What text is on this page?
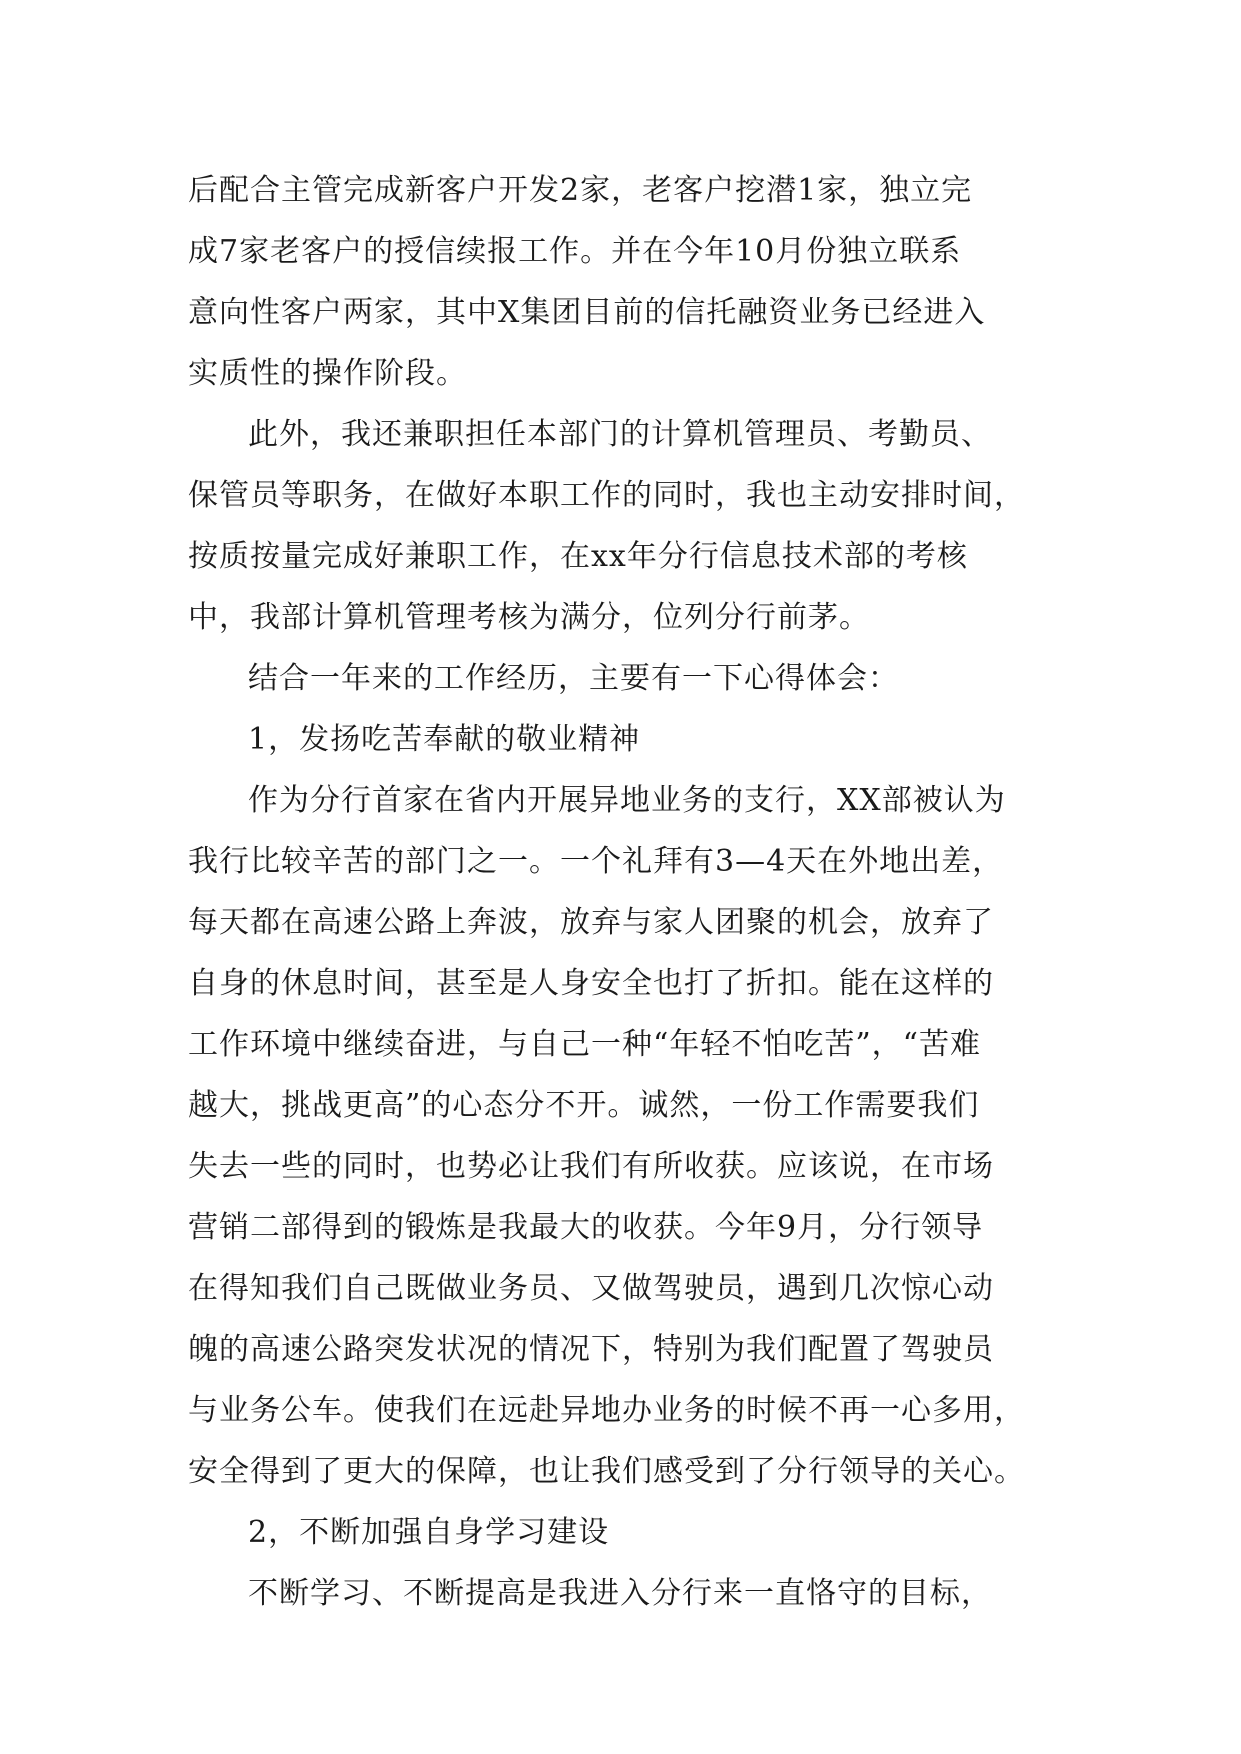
后配合主管完成新客户开发2家，老客户挖潜1家，独立完
成7家老客户的授信续报工作。并在今年10月份独立联系
意向性客户两家，其中X集团目前的信托融资业务已经进入
实质性的操作阶段。
此外，我还兼职担任本部门的计算机管理员、考勤员、
保管员等职务，在做好本职工作的同时，我也主动安排时间，
按质按量完成好兼职工作，在xx年分行信息技术部的考核
中，我部计算机管理考核为满分，位列分行前茅。
结合一年来的工作经历，主要有一下心得体会：
1，发扬吃苦奉献的敬业精神
作为分行首家在省内开展异地业务的支行，XX部被认为
我行比较辛苦的部门之一。一个礼拜有3—4天在外地出差，
每天都在高速公路上奔波，放弃与家人团聚的机会，放弃了
自身的休息时间，甚至是人身安全也打了折扣。能在这样的
工作环境中继续奋进，与自己一种“年轻不怕吃苦”，“苦难
越大，挑战更高”的心态分不开。诚然，一份工作需要我们
失去一些的同时，也势必让我们有所收获。应该说，在市场
营销二部得到的锻炼是我最大的收获。今年9月，分行领导
在得知我们自己既做业务员、又做驾驶员，遇到几次惊心动
魄的高速公路突发状况的情况下，特别为我们配置了驾驶员
与业务公车。使我们在远赴异地办业务的时候不再一心多用，
安全得到了更大的保障，也让我们感受到了分行领导的关心。
2，不断加强自身学习建设
不断学习、不断提高是我进入分行来一直恪守的目标，
